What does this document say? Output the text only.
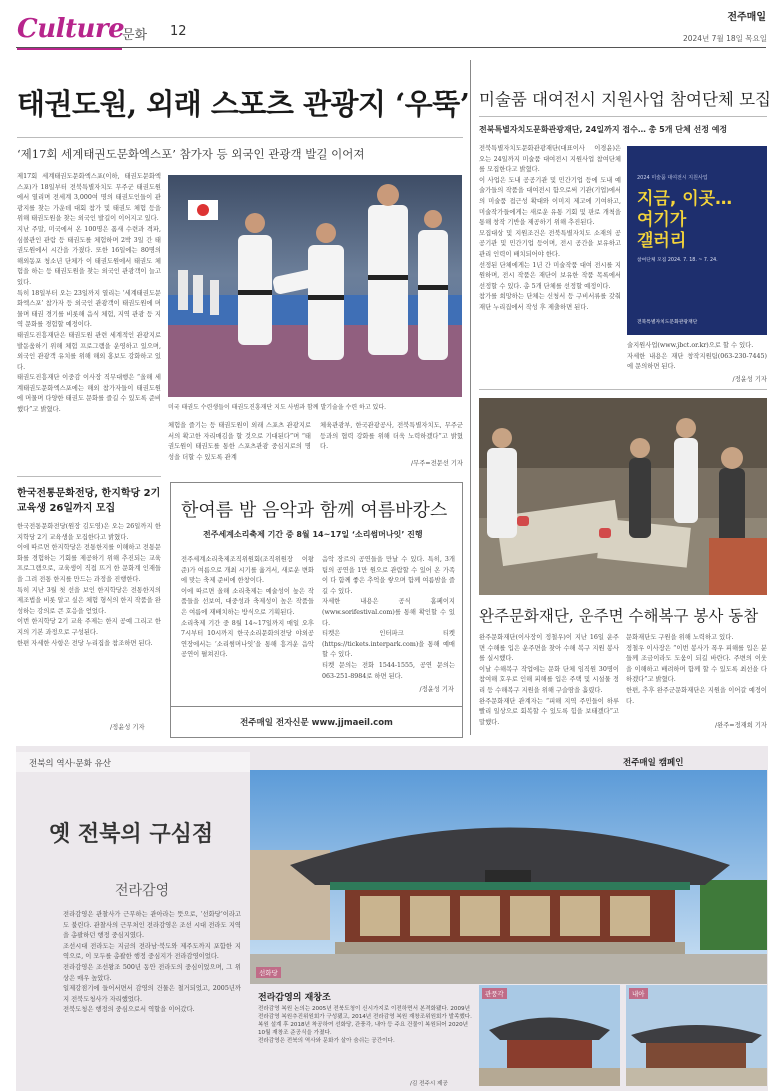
Culture
문화 12
전주매일
2024년 7월 18일 목요일
태권도원, 외래 스포츠 관광지 ‘우뚝’
‘제17회 세계태권도문화엑스포’ 참가자 등 외국인 관광객 발길 이어져
제17회 세계태권도문화엑스포(이하, 태권도문화엑스포)가 18일부터 전북특별자치도 무주군 태권도원에서 열리며 전세계 3,000여 명의 태권도인들이 관광지를 찾는 가운데 대회 참가 및 태권도 체험 등을 위해 태권도원을 찾는 외국인 발길이 이어지고 있다.
지난 주말, 미국에서 온 100명은 폼새 수련과 격파, 심볼관인 관람 등 태권도를 체험하며 2박 3일 간 태권도원에서 시간을 가졌다. 또한 16일에는 80명의 해외동포 청소년 단체가 이 태권도원에서 태권도 체험을 하는 등 태권도원을 찾는 외국인 관광객이 늘고 있다.
특히 18일부터 오는 23일까지 열리는 ‘세계태권도문화엑스포’ 참가자 등 외국인 관광객이 태권도원에 머물며 태권 경기를 비롯해 음식 체험, 지역 관광 등 지역 문화를 경험할 예정이다.
태권도진흥재단은 태권도원 관련 세계적인 관광지로 발돋움하기 위해 체험 프로그램을 운영하고 있으며, 외국인 관광객 유치를 위해 해외 홍보도 강화하고 있다.
태권도진흥재단 이중감 이사장 직무대행은 “올해 세계태권도문화엑스포에는 해외 참가자들이 태권도원에 머물며 다양한 태권도 문화를 즐길 수 있도록 준비했다”고 밝혔다.	미국 태권도 수련생들이 태권도진흥재단 지도 사범과 함께 발기술을 수련 하고 있다.
체험을 즐기는 등 태권도원이 외래 스포츠 관광지로서의 확고한 자리매김을 할 것으로 기대된다”며 “태권도원이 태권도를 통한 스포츠관광 중심지로의 명성을 더할 수 있도록 관계
체육관광부, 한국관광공사, 전북특별자치도, 무주군 등과의 협력 강화를 위해 더욱 노력하겠다”고 밝혔다.
/무주=전문선 기자
미술품 대여전시 지원사업 참여단체 모집
전북특별자치도문화관광재단, 24일까지 접수… 총 5개 단체 선정 예정
전북특별자치도문화관광재단(대표이사 이경윤)은 오는 24일까지 미술품 대여전시 지원사업 참여단체를 모집한다고 밝혔다.
이 사업은 도내 공공기관 및 민간기업 등에 도내 예술가들의 작품을 대여전시 함으로써 기관(기업)에서의 미술품 접근성 확대와 이미지 제고에 기여하고, 미술작가들에게는 새로운 유통 기회 및 판로 개척을 통해 창작 기반을 제공하기 위해 추진된다.
모집대상 및 지원조건은 전북특별자치도 소재의 공공기관 및 민간기업 등이며, 전시 공간을 보유하고 관리 인력이 배치되어야 한다.
선정된 단체에게는 1년 간 미술작품 대여 전시를 지원하며, 전시 작품은 재단이 보유한 작품 목록에서 선정할 수 있다. 총 5개 단체를 선정할 예정이다.
참가를 희망하는 단체는 신청서 등 구비서류를 갖춰 재단 누리집에서 작성 후 제출하면 된다.
2024 미술품 대여전시 지원사업
지금, 이곳…
여기가
갤러리
참여단체 모집 2024. 7. 18. ~ 7. 24.
전북특별자치도문화관광재단
술지원사업(www.jbct.or.kr)으로 할 수 있다.
자세한 내용은 재단 창작지원팀(063-230-7445)에 문의하면 된다.
/정윤성 기자
한국전통문화전당, 한지학당 2기 교육생 26일까지 모집
한국전통문화전당(원장 김도영)은 오는 26일까지 한지학당 2기 교육생을 모집한다고 밝혔다.
이에 따르면 한지학당은 전통한지를 이해하고 전통문화를 경험하는 기회를 제공하기 위해 추진되는 교육 프로그램으로, 교육생이 직접 뜨거 한 문화계 인재들을 그려 전통 한지를 만드는 과정을 진행한다.
특히 지난 3월 첫 선을 보인 한지학당은 전통한지의 제조법을 비롯 알고 싶은 체험 형식의 한지 작품을 완성하는 강의로 큰 호응을 얻었다.
이번 한지학당 2기 교육 주제는 한지 공예 그리고 한지의 기본 과정으로 구성된다.
한편 자세한 사항은 전당 누리집을 참조하면 된다.
/정윤성 기자
한여름 밤 음악과 함께 여름바캉스
전주세계소리축제 기간 중 8월 14~17일 ‘소리썸머나잇’ 진행
전주세계소리축제조직위원회(조직위원장 이왕준)가 여름으로 개최 시기를 옮겨서, 새로운 변화에 맞는 축제 준비에 한창이다.
이에 따르면 올해 소리축제는 예술성이 높은 작품들을 선보여, 대중성과 축제성이 높은 작품들은 여름에 재배치하는 방식으로 기획된다.
소리축제 기간 중 8월 14~17일까지 매일 오후 7시부터 10시까지 한국소리문화의전당 야외공연장에서는 ‘소리썸머나잇’을 통해 흥겨운 음악 공연이 펼쳐진다.
음악 장르의 공연들을 만날 수 있다. 특히, 3개 팀의 공연을 1만 원으로 관람할 수 있어 온 가족이 다 함께 좋은 추억을 쌓으며 함께 여름밤을 즐길 수 있다.
자세한 내용은 공식 홈페이지(www.sorifestival.com)를 통해 확인할 수 있다.
티켓은 인터파크 티켓(https://tickets.interpark.com)을 통해 예매할 수 있다.
티켓 문의는 전화 1544-1555, 공연 문의는 063-251-8984로 하면 된다.
/정윤성 기자
전주매일 전자신문 www.jjmaeil.com
완주문화재단, 운주면 수해복구 봉사 동참
완주문화재단(이사장이 정철우)이 지난 16일 운주면 수해를 입은 운주면을 찾아 수해 복구 지원 봉사를 실시했다.
이날 수해복구 작업에는 문화 단체 임직원 30명이 참여해 호우로 인해 피해를 입은 주택 및 시설물 정리 등 수해복구 지원을 위해 구슬땀을 흘렸다.
완주문화재단 관계자는 “피해 지역 주민들이 하루빨리 일상으로 회복할 수 있도록 힘을 보태겠다”고 말했다.
문화재단도 구원을 위해 노력하고 있다.
정철우 이사장은 “이번 봉사가 폭우 피해를 입은 분들께 조금이라도 도움이 되길 바란다. 주변의 이웃을 이해하고 배려하며 함께 할 수 있도록 최선을 다하겠다”고 밝혔다.
한편, 추후 완주군문화재단은 지원을 이어갈 예정이다.
/완주=정재희 기자
전북의 역사·문화 유산
옛 전북의 구심점
전라감영
전라감영은 관찰사가 근무하는 관아라는 뜻으로, ‘선화당’이라고도 불린다. 관찰사의 근무처인 전라감영은 조선 시대 전라도 지역을 총괄하던 행정 중심지였다.
조선시대 전라도는 지금의 전라남·북도와 제주도까지 포함한 지역으로, 이 모두를 총괄한 행정 중심지가 전라감영이었다.
전라감영은 조선왕조 500년 동안 전라도의 중심이었으며, 그 위상은 매우 높았다.
일제강점기에 들어서면서 감영의 건물은 철거되었고, 2005년까지 전북도청사가 자리했었다.
전북도청은 행정의 중심으로서 역할을 이어갔다.
선화당
전주매일 캠페인
전라감영의 재창조
전라감영 복원 논의는 2005년 전북도청이 신시가지로 이전하면서 본격화됐다. 2009년 전라감영 복원추진위원회가 구성됐고, 2014년 전라감영 복원 재창조위원회가 발족했다.
복원 설계 후 2018년 착공하여 선화당, 관풍각, 내아 등 주요 건물이 복원되어 2020년 10월 재창조 준공식을 가졌다.
전라감영은 전북의 역사와 문화가 살아 숨쉬는 공간이다.
/김 전주시 제공
관풍각	내아
